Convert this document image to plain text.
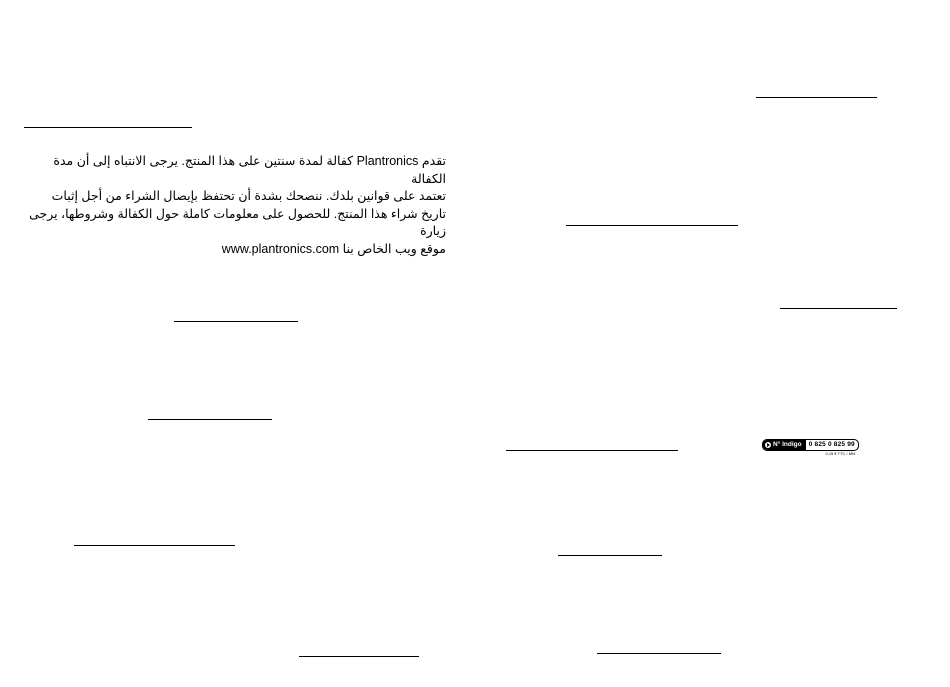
تقدم Plantronics كفالة لمدة سنتين على هذا المنتج. يرجى الانتباه إلى أن مدة الكفالة

تعتمد على قوانين بلدك. ننصحك بشدة أن تحتفظ بإيصال الشراء من أجل إثبات

تاريخ شراء هذا المنتج. للحصول على معلومات كاملة حول الكفالة وشروطها، يرجى زيارة

موقع ويب الخاص بنا www.plantronics.com

N° Indigo	0 825 0 825 99
0,15 € TTC / MN
